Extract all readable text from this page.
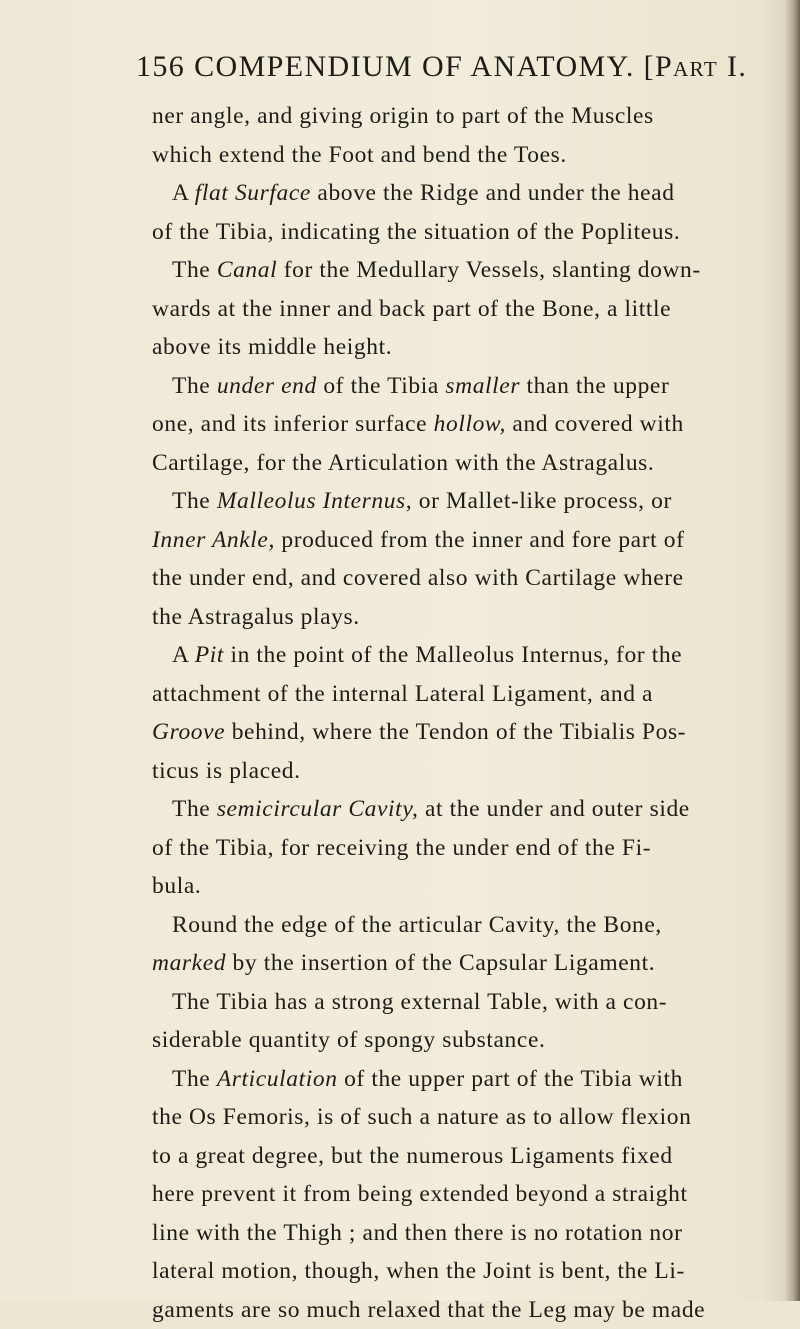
156 COMPENDIUM OF ANATOMY. [PART I.

ner angle, and giving origin to part of the Muscles
which extend the Foot and bend the Toes.

A flat Surface above the Ridge and under the head
of the Tibia, indicating the situation of the Popliteus.

The Canal for the Medullary Vessels, slanting down-
wards at the inner and back part of the Bone, a little
above its middle height.

The under end of the Tibia smaller than the upper
one, and its inferior surface hollow, and covered with
Cartilage, for the Articulation with the Astragalus.

The Malleolus Internus, or Mallet-like process, or
Inner Ankle, produced from the inner and fore part of
the under end, and covered also with Cartilage where
the Astragalus plays.

A Pit in the point of the Malleolus Internus, for the
attachment of the internal Lateral Ligament, and a
Groove behind, where the Tendon of the Tibialis Pos-
ticus is placed.

The semicircular Cavity, at the under and outer side
of the Tibia, for receiving the under end of the Fi-
bula.

Round the edge of the articular Cavity, the Bone,
marked by the insertion of the Capsular Ligament.

The Tibia has a strong external Table, with a con-
siderable quantity of spongy substance.

The Articulation of the upper part of the Tibia with
the Os Femoris, is of such a nature as to allow flexion
to a great degree, but the numerous Ligaments fixed
here prevent it from being extended beyond a straight
line with the Thigh ; and then there is no rotation nor
lateral motion, though, when the Joint is bent, the Li-
gaments are so much relaxed that the Leg may be made
